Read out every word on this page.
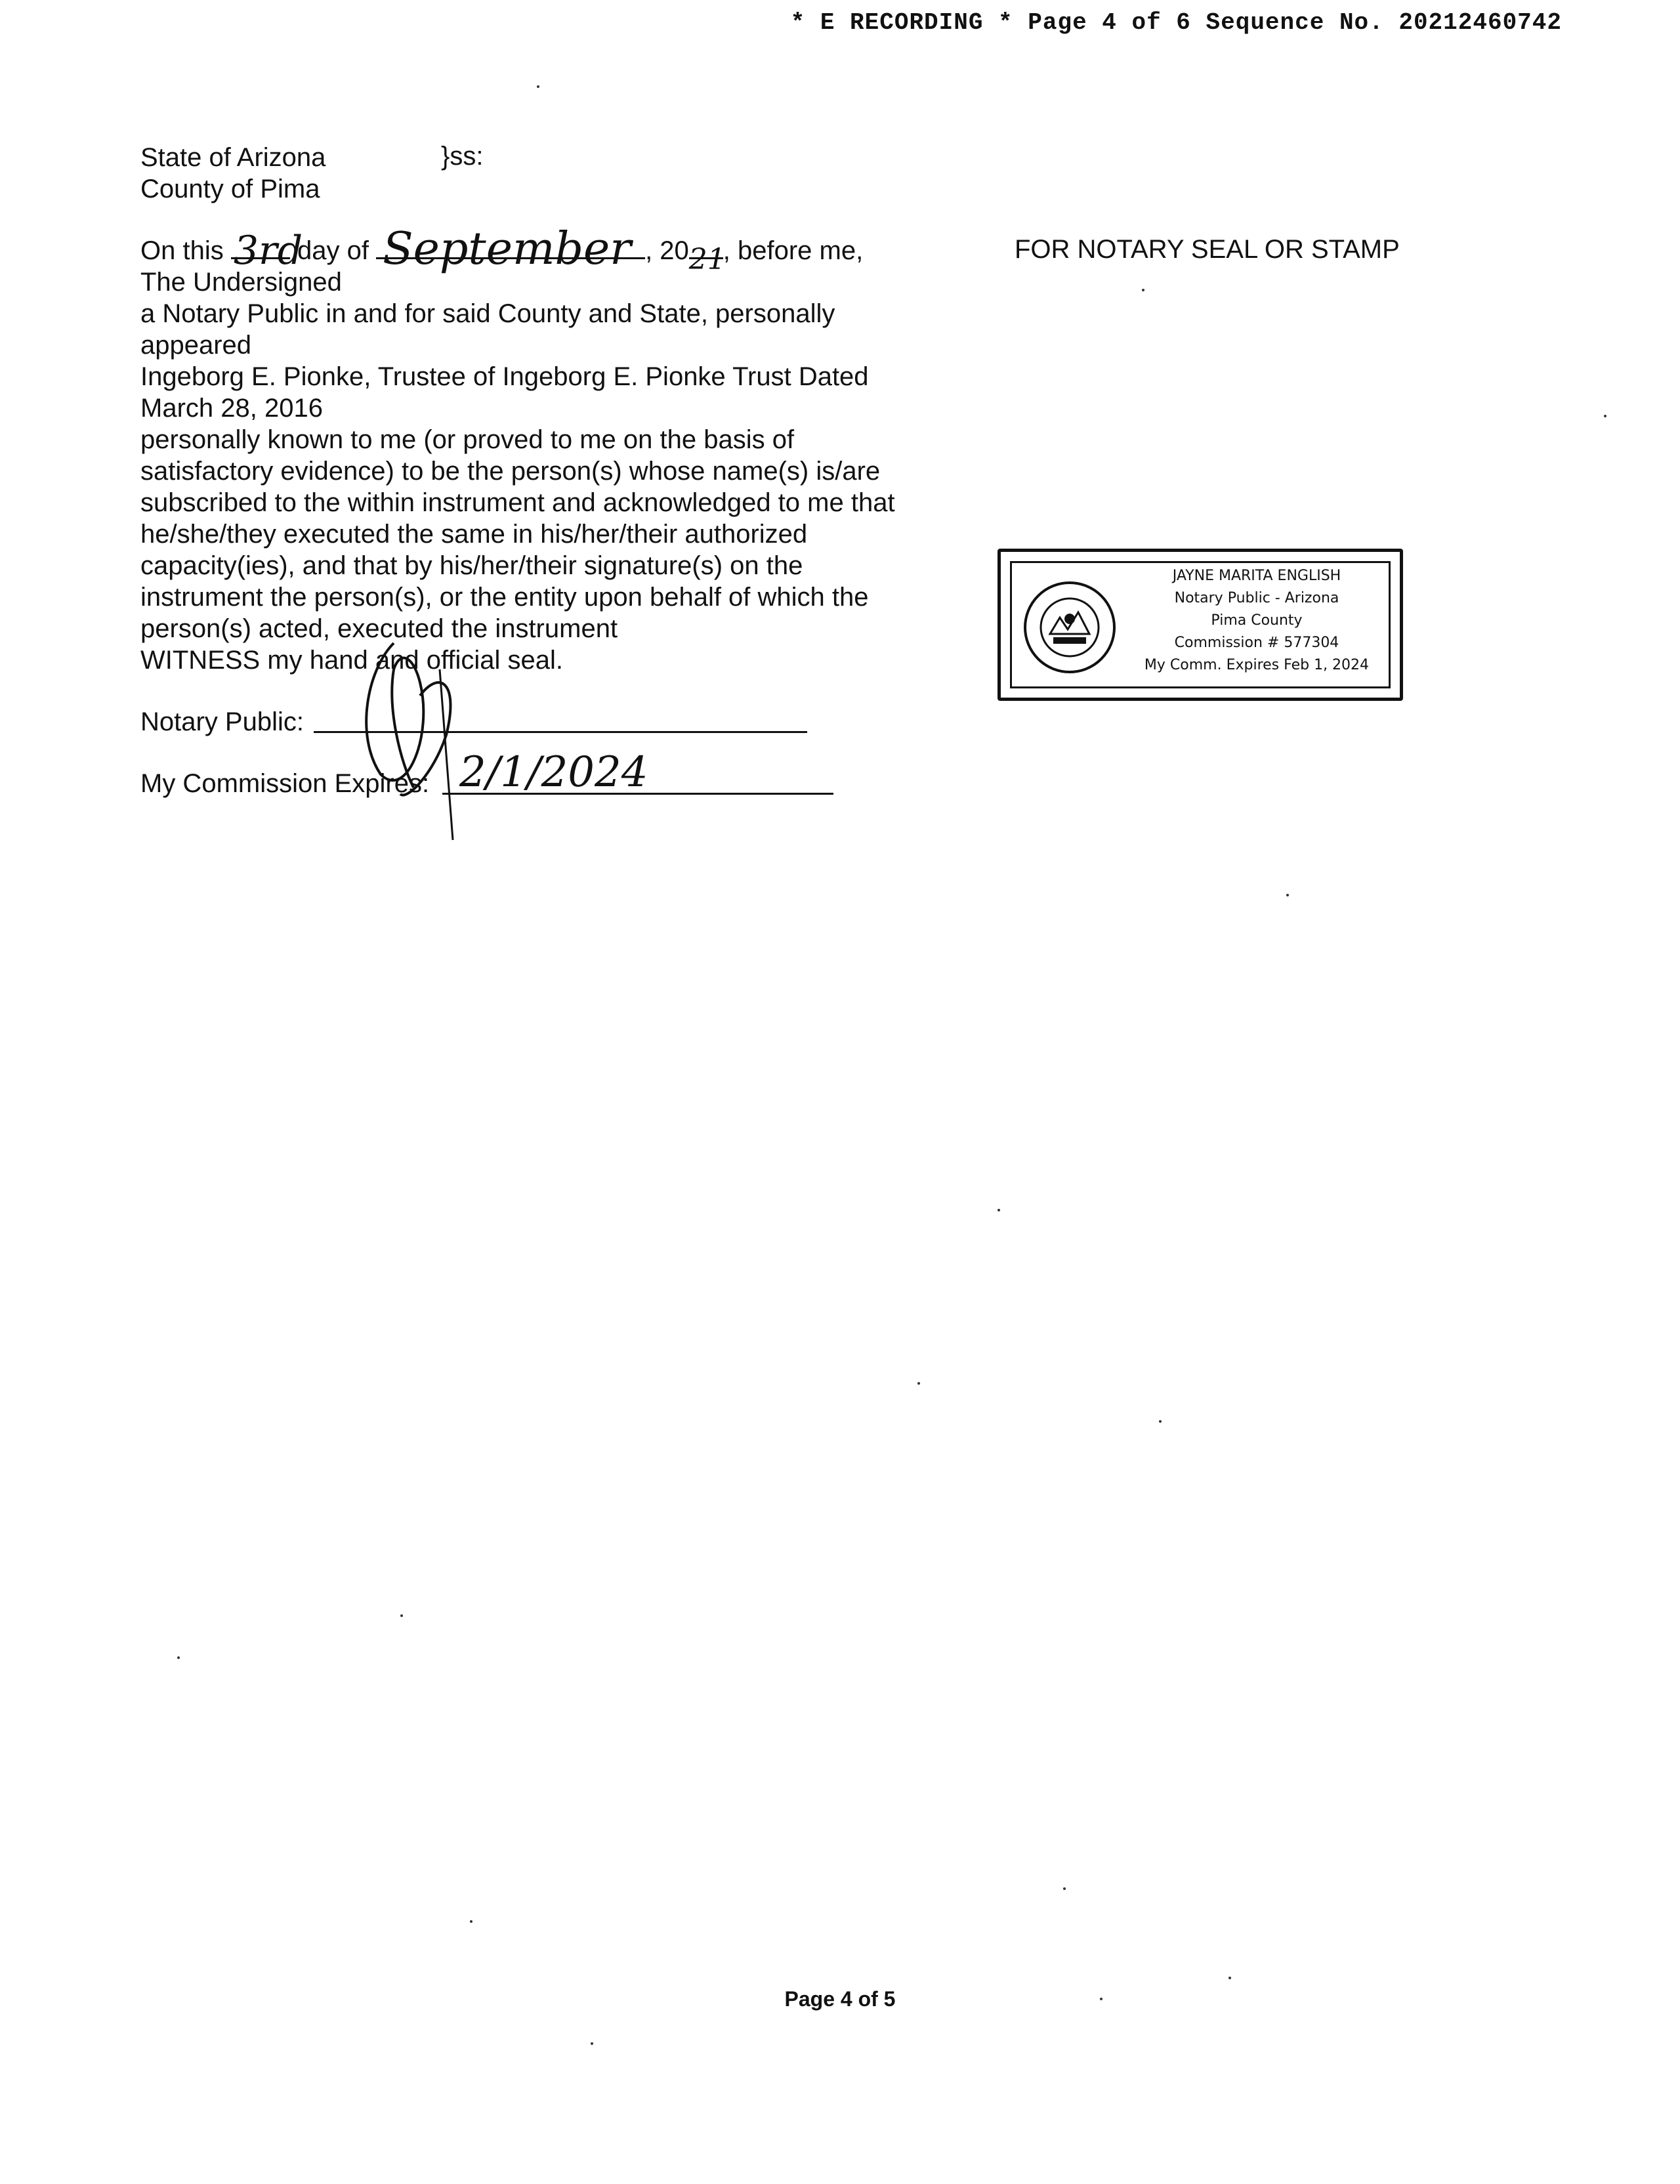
* E RECORDING * Page 4 of 6 Sequence No. 20212460742
State of Arizona	}ss:
County of Pima
On this 3rd
day of September , 20 21
, before me,
The Undersigned
a Notary Public in and for said County and State, personally
appeared
Ingeborg E. Pionke, Trustee of Ingeborg E. Pionke Trust Dated
March 28, 2016
personally known to me (or proved to me on the basis of
satisfactory evidence) to be the person(s) whose name(s) is/are
subscribed to the within instrument and acknowledged to me that
he/she/they executed the same in his/her/their authorized
capacity(ies), and that by his/her/their signature(s) on the
instrument the person(s), or the entity upon behalf of which the
person(s) acted, executed the instrument
WITNESS my hand and official seal.
Notary Public:
My Commission Expires: 2/1/2024
FOR NOTARY SEAL OR STAMP
JAYNE MARITA ENGLISH
Notary Public - Arizona
Pima County
Commission # 577304
My Comm. Expires Feb 1, 2024
Page 4 of 5
